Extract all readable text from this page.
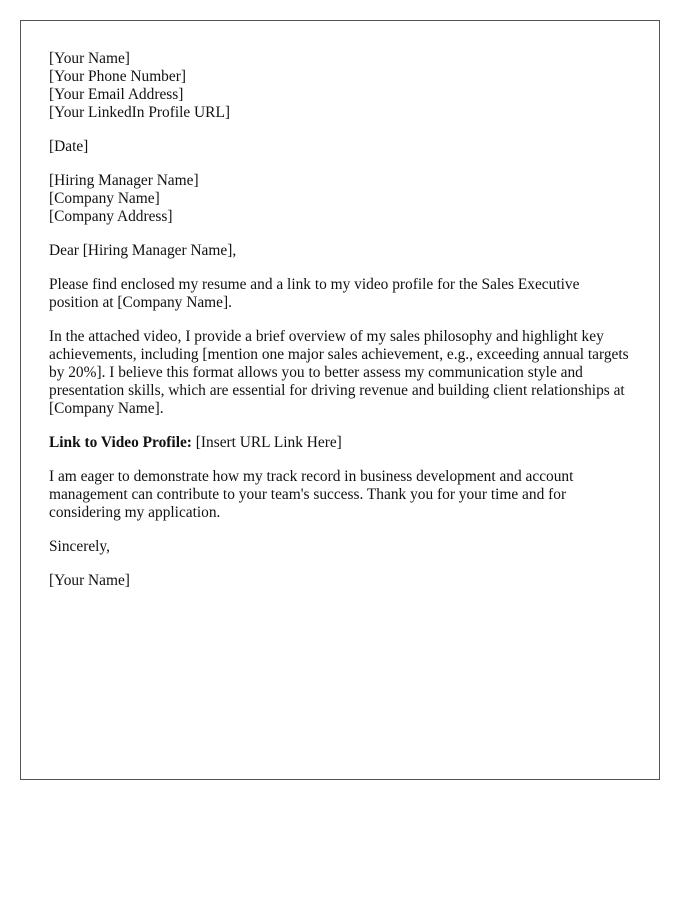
[Your Name]
[Your Phone Number]
[Your Email Address]
[Your LinkedIn Profile URL]
[Date]
[Hiring Manager Name]
[Company Name]
[Company Address]

Dear [Hiring Manager Name],

Please find enclosed my resume and a link to my video profile for the Sales Executive position at [Company Name].

In the attached video, I provide a brief overview of my sales philosophy and highlight key achievements, including [mention one major sales achievement, e.g., exceeding annual targets by 20%]. I believe this format allows you to better assess my communication style and presentation skills, which are essential for driving revenue and building client relationships at [Company Name].

Link to Video Profile: [Insert URL Link Here]

I am eager to demonstrate how my track record in business development and account management can contribute to your team's success. Thank you for your time and for considering my application.

Sincerely,

[Your Name]
